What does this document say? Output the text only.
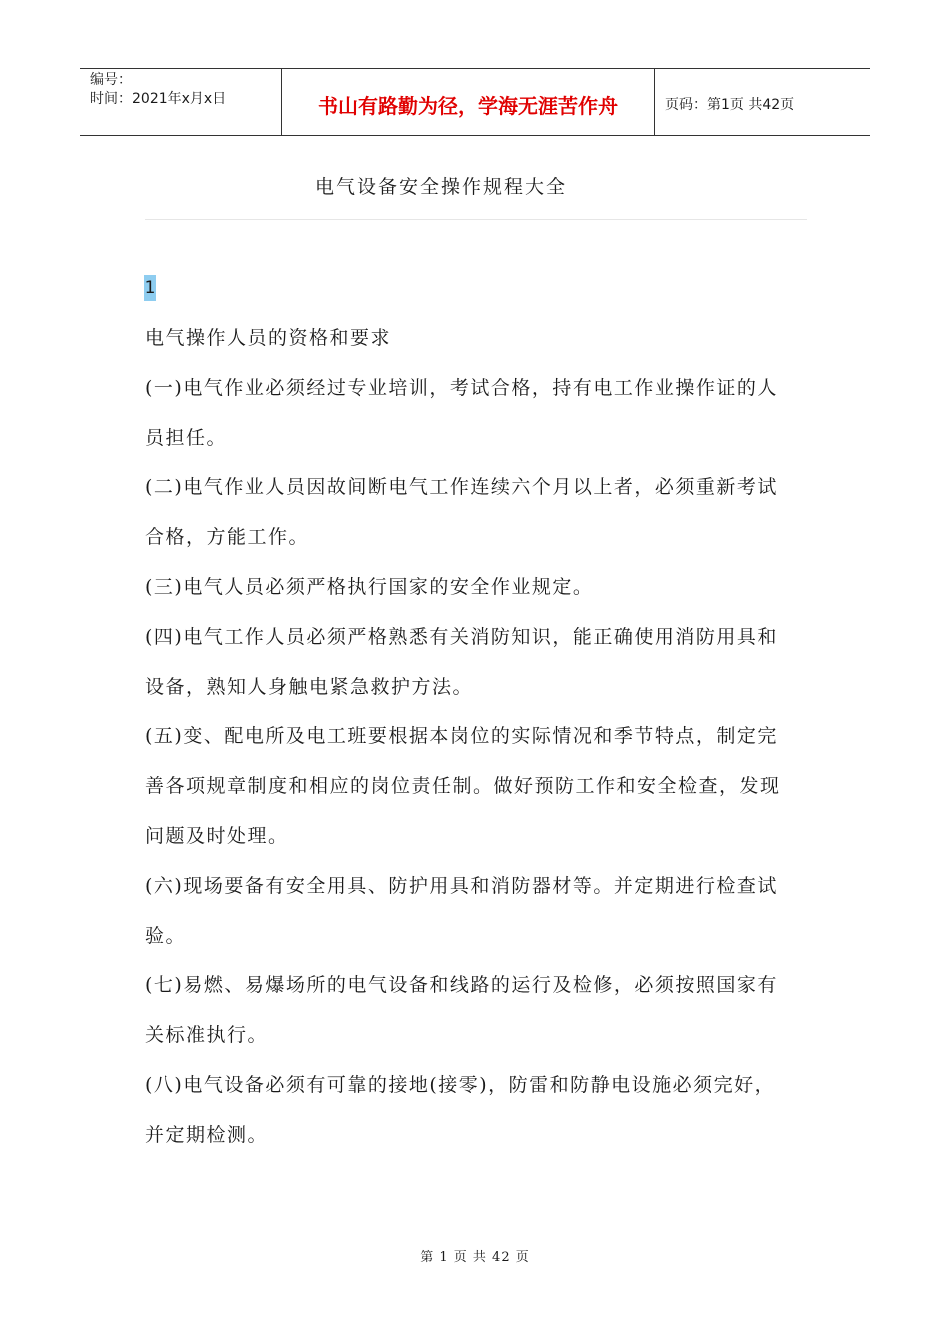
编号：
时间：2021年x月x日	书山有路勤为径，学海无涯苦作舟	页码：第1页 共42页
电气设备安全操作规程大全
1

电气操作人员的资格和要求

(一)电气作业必须经过专业培训，考试合格，持有电工作业操作证的人员担任。

(二)电气作业人员因故间断电气工作连续六个月以上者，必须重新考试合格，方能工作。

(三)电气人员必须严格执行国家的安全作业规定。

(四)电气工作人员必须严格熟悉有关消防知识，能正确使用消防用具和设备，熟知人身触电紧急救护方法。

(五)变、配电所及电工班要根据本岗位的实际情况和季节特点，制定完善各项规章制度和相应的岗位责任制。做好预防工作和安全检查，发现问题及时处理。

(六)现场要备有安全用具、防护用具和消防器材等。并定期进行检查试验。

(七)易燃、易爆场所的电气设备和线路的运行及检修，必须按照国家有关标准执行。

(八)电气设备必须有可靠的接地(接零)，防雷和防静电设施必须完好，并定期检测。

第 1 页 共 42 页
